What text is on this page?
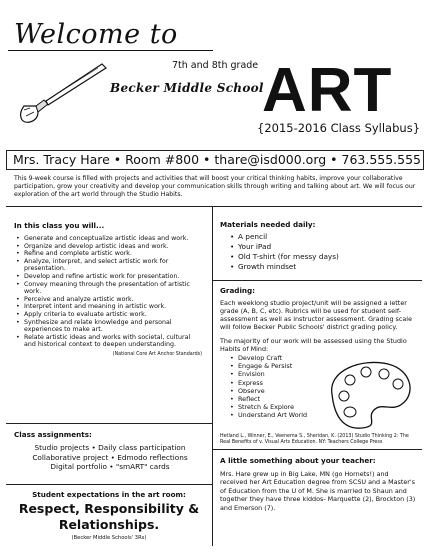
Welcome to
7th and 8th grade
Becker Middle School
ART
{2015-2016 Class Syllabus}
Mrs. Tracy Hare • Room #800 • thare@isd000.org • 763.555.555
This 9-week course is filled with projects and activities that will boost your critical thinking habits, improve your collaborative participation, grow your creativity and develop your communication skills through writing and talking about art. We will focus our exploration of the art world through the Studio Habits.
In this class you will...
• Generate and conceptualize artistic ideas and work.
• Organize and develop artistic ideas and work.
• Refine and complete artistic work.
• Analyze, interpret, and select artistic work for presentation.
• Develop and refine artistic work for presentation.
• Convey meaning through the presentation of artistic work.
• Perceive and analyze artistic work.
• Interpret intent and meaning in artistic work.
• Apply criteria to evaluate artistic work.
• Synthesize and relate knowledge and personal experiences to make art.
• Relate artistic ideas and works with societal, cultural and historical context to deepen understanding.
(National Core Art Anchor Standards)
Class assignments:
Studio projects • Daily class participation
Collaborative project • Edmodo reflections
Digital portfolio • "smART" cards
Student expectations in the art room:
Respect, Responsibility &
Relationships.
(Becker Middle Schools' 3Rs)
Materials needed daily:
• A pencil
• Your iPad
• Old T-shirt (for messy days)
• Growth mindset
Grading:
Each weeklong studio project/unit will be assigned a letter grade (A, B, C, etc). Rubrics will be used for student self-assessment as well as instructor assessment. Grading scale will follow Becker Public Schools' district grading policy.
The majority of our work will be assessed using the Studio Habits of Mind:
• Develop Craft
• Engage & Persist
• Envision
• Express
• Observe
• Reflect
• Stretch & Explore
• Understand Art World
Hetland L., Winner, E., Veenema S., Sheridan, K. (2013) Studio Thinking 2: The Real Benefits of v. Visual Arts Education. NY: Teachers College Press
A little something about your teacher:
Mrs. Hare grew up in Big Lake, MN (go Hornets!) and received her Art Education degree from SCSU and a Master's of Education from the U of M. She is married to Shaun and together they have three kiddos- Marquette (2), Brockton (3) and Emerson (7).
